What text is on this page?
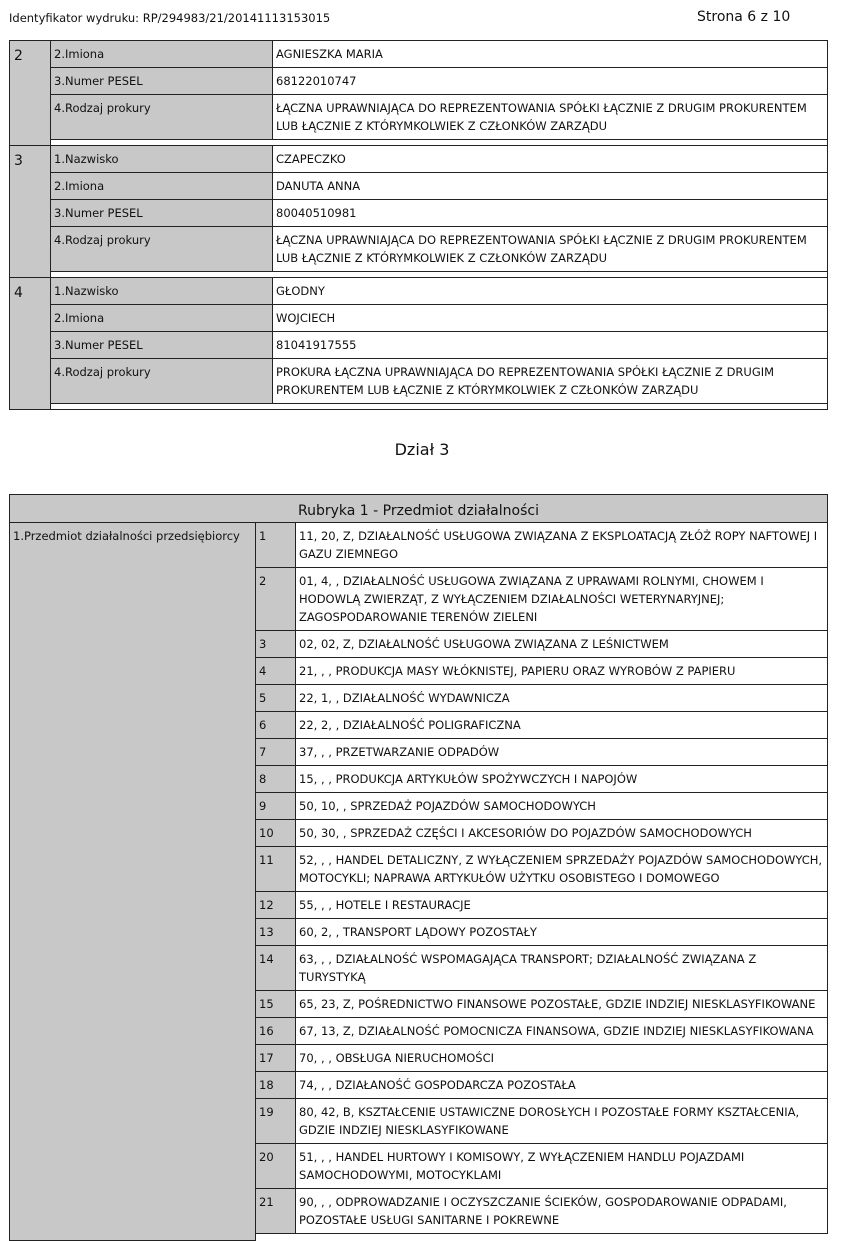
Identyfikator wydruku: RP/294983/21/20141113153015	Strona 6 z 10
2	2.Imiona	AGNIESZKA MARIA
	3.Numer PESEL	68122010747
	4.Rodzaj prokury	ŁĄCZNA UPRAWNIAJĄCA DO REPREZENTOWANIA SPÓŁKI ŁĄCZNIE Z DRUGIM PROKURENTEM LUB ŁĄCZNIE Z KTÓRYMKOLWIEK Z CZŁONKÓW ZARZĄDU

3	1.Nazwisko	CZAPECZKO
	2.Imiona	DANUTA ANNA
	3.Numer PESEL	80040510981
	4.Rodzaj prokury	ŁĄCZNA UPRAWNIAJĄCA DO REPREZENTOWANIA SPÓŁKI ŁĄCZNIE Z DRUGIM PROKURENTEM LUB ŁĄCZNIE Z KTÓRYMKOLWIEK Z CZŁONKÓW ZARZĄDU

4	1.Nazwisko	GŁODNY
	2.Imiona	WOJCIECH
	3.Numer PESEL	81041917555
	4.Rodzaj prokury	PROKURA ŁĄCZNA UPRAWNIAJĄCA DO REPREZENTOWANIA SPÓŁKI ŁĄCZNIE Z DRUGIM PROKURENTEM LUB ŁĄCZNIE Z KTÓRYMKOLWIEK Z CZŁONKÓW ZARZĄDU

Dział 3
Rubryka 1 - Przedmiot działalności		
1.Przedmiot działalności przedsiębiorcy	1	11, 20, Z, DZIAŁALNOŚĆ USŁUGOWA ZWIĄZANA Z EKSPLOATACJĄ ZŁÓŻ ROPY NAFTOWEJ I GAZU ZIEMNEGO
	2	01, 4, , DZIAŁALNOŚĆ USŁUGOWA ZWIĄZANA Z UPRAWAMI ROLNYMI, CHOWEM I HODOWLĄ ZWIERZĄT, Z WYŁĄCZENIEM DZIAŁALNOŚCI WETERYNARYJNEJ; ZAGOSPODAROWANIE TERENÓW ZIELENI
	3	02, 02, Z, DZIAŁALNOŚĆ USŁUGOWA ZWIĄZANA Z LEŚNICTWEM
	4	21, , , PRODUKCJA MASY WŁÓKNISTEJ, PAPIERU ORAZ WYROBÓW Z PAPIERU
	5	22, 1, , DZIAŁALNOŚĆ WYDAWNICZA
	6	22, 2, , DZIAŁALNOŚĆ POLIGRAFICZNA
	7	37, , , PRZETWARZANIE ODPADÓW
	8	15, , , PRODUKCJA ARTYKUŁÓW SPOŻYWCZYCH I NAPOJÓW
	9	50, 10, , SPRZEDAŻ POJAZDÓW SAMOCHODOWYCH
	10	50, 30, , SPRZEDAŻ CZĘŚCI I AKCESORIÓW DO POJAZDÓW SAMOCHODOWYCH
	11	52, , , HANDEL DETALICZNY, Z WYŁĄCZENIEM SPRZEDAŻY POJAZDÓW SAMOCHODOWYCH, MOTOCYKLI; NAPRAWA ARTYKUŁÓW UŻYTKU OSOBISTEGO I DOMOWEGO
	12	55, , , HOTELE I RESTAURACJE
	13	60, 2, , TRANSPORT LĄDOWY POZOSTAŁY
	14	63, , , DZIAŁALNOŚĆ WSPOMAGAJĄCA TRANSPORT; DZIAŁALNOŚĆ ZWIĄZANA Z TURYSTYKĄ
	15	65, 23, Z, POŚREDNICTWO FINANSOWE POZOSTAŁE, GDZIE INDZIEJ NIESKLASYFIKOWANE
	16	67, 13, Z, DZIAŁALNOŚĆ POMOCNICZA FINANSOWA, GDZIE INDZIEJ NIESKLASYFIKOWANA
	17	70, , , OBSŁUGA NIERUCHOMOŚCI
	18	74, , , DZIAŁANOŚĆ GOSPODARCZA POZOSTAŁA
	19	80, 42, B, KSZTAŁCENIE USTAWICZNE DOROSŁYCH I POZOSTAŁE FORMY KSZTAŁCENIA, GDZIE INDZIEJ NIESKLASYFIKOWANE
	20	51, , , HANDEL HURTOWY I KOMISOWY, Z WYŁĄCZENIEM HANDLU POJAZDAMI SAMOCHODOWYMI, MOTOCYKLAMI
	21	90, , , ODPROWADZANIE I OCZYSZCZANIE ŚCIEKÓW, GOSPODAROWANIE ODPADAMI, POZOSTAŁE USŁUGI SANITARNE I POKREWNE
